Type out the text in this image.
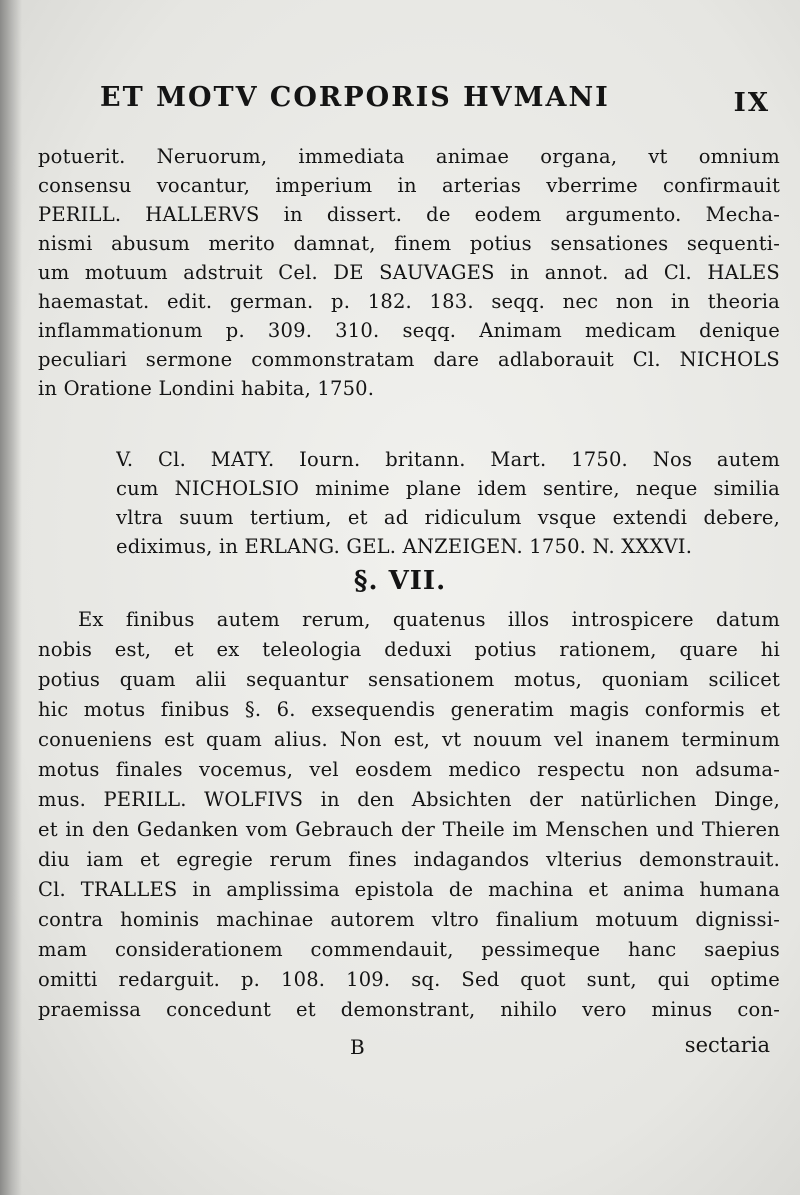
ET MOTV CORPORIS HVMANI	IX
potuerit. Neruorum, immediata animae organa, vt omnium
consensu vocantur, imperium in arterias vberrime confirmauit
PERILL. HALLERVS in dissert. de eodem argumento. Mecha-
nismi abusum merito damnat, finem potius sensationes sequenti-
um motuum adstruit Cel. DE SAUVAGES in annot. ad Cl. HALES
haemastat. edit. german. p. 182. 183. seqq. nec non in theoria
inflammationum p. 309. 310. seqq. Animam medicam denique
peculiari sermone commonstratam dare adlaborauit Cl. NICHOLS
in Oratione Londini habita, 1750.
V. Cl. MATY. Iourn. britann. Mart. 1750. Nos autem
cum NICHOLSIO minime plane idem sentire, neque similia
vltra suum tertium, et ad ridiculum vsque extendi debere,
ediximus, in ERLANG. GEL. ANZEIGEN. 1750. N. XXXVI.
§. VII.
Ex finibus autem rerum, quatenus illos introspicere datum
nobis est, et ex teleologia deduxi potius rationem, quare hi
potius quam alii sequantur sensationem motus, quoniam scilicet
hic motus finibus §. 6. exsequendis generatim magis conformis et
conueniens est quam alius. Non est, vt nouum vel inanem terminum
motus finales vocemus, vel eosdem medico respectu non adsuma-
mus. PERILL. WOLFIVS in den Absichten der natürlichen Dinge,
et in den Gedanken vom Gebrauch der Theile im Menschen und Thieren
diu iam et egregie rerum fines indagandos vlterius demonstrauit.
Cl. TRALLES in amplissima epistola de machina et anima humana
contra hominis machinae autorem vltro finalium motuum dignissi-
mam considerationem commendauit, pessimeque hanc saepius
omitti redarguit. p. 108. 109. sq. Sed quot sunt, qui optime
praemissa concedunt et demonstrant, nihilo vero minus con-
B	sectaria
